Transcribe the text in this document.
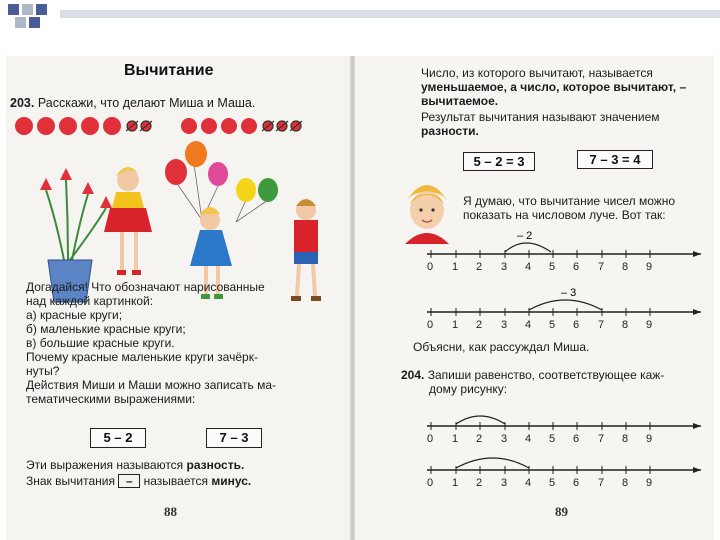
Вычитание
203. Расскажи, что делают Миша и Маша.
Догадайся! Что обозначают нарисованные
над каждой картинкой:
а) красные круги;
б) маленькие красные круги;
в) большие красные круги.
Почему красные маленькие круги зачёрк-
нуты?
Действия Миши и Маши можно записать ма-
тематическими выражениями:
5 – 2	7 – 3
Эти выражения называются разность.
Знак вычитания – называется минус.
88
Число, из которого вычитают, называется
уменьшаемое, а число, которое вычитают, –
вычитаемое.
Результат вычитания называют значением
разности.
5 – 2 = 3	7 – 3 = 4
Я думаю, что вычитание чисел можно
показать на числовом луче. Вот так:
– 2
0 1 2 3 4 5 6 7 8 9
– 3
0 1 2 3 4 5 6 7 8 9
Объясни, как рассуждал Миша.
204. Запиши равенство, соответствующее каж-
дому рисунку:
0 1 2 3 4 5 6 7 8 9
0 1 2 3 4 5 6 7 8 9
89
